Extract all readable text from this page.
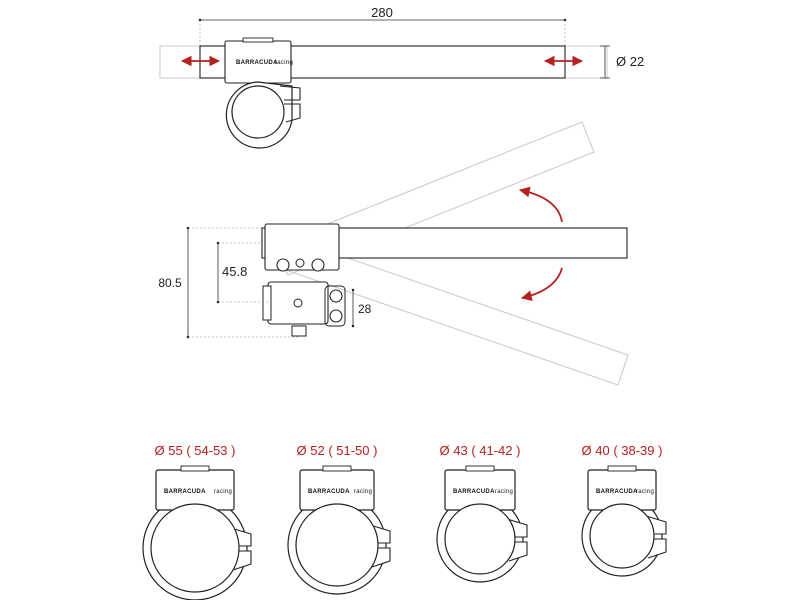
280
BARRACUDA
racing	Ø 22
80.5
45.8
28
Ø 55 ( 54-53 )
BARRACUDA racing
Ø 52 ( 51-50 )
BARRACUDA racing
Ø 43 ( 41-42 )
BARRACUDA racing
Ø 40 ( 38-39 )
BARRACUDA
racing
